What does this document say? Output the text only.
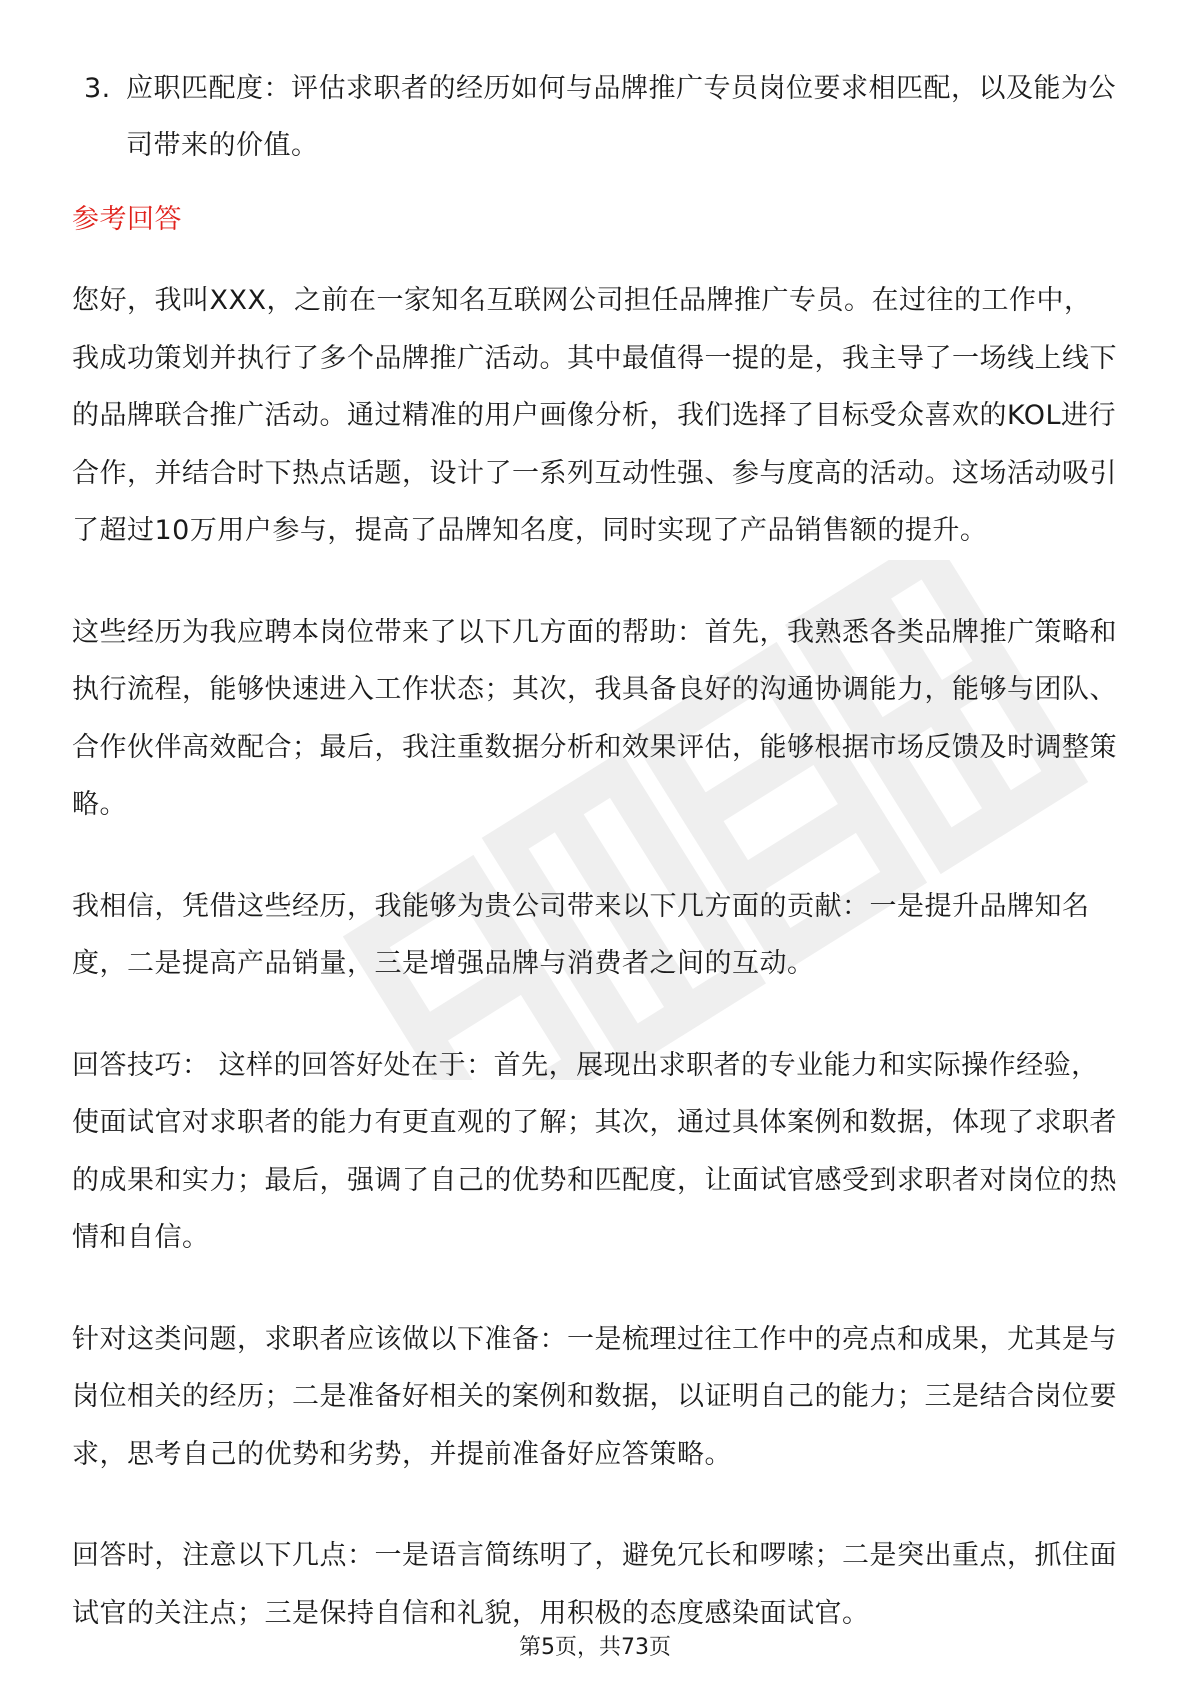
3. 应职匹配度：评估求职者的经历如何与品牌推广专员岗位要求相匹配，以及能为公司带来的价值。
参考回答

您好，我叫XXX，之前在一家知名互联网公司担任品牌推广专员。在过往的工作中，我成功策划并执行了多个品牌推广活动。其中最值得一提的是，我主导了一场线上线下的品牌联合推广活动。通过精准的用户画像分析，我们选择了目标受众喜欢的KOL进行合作，并结合时下热点话题，设计了一系列互动性强、参与度高的活动。这场活动吸引了超过10万用户参与，提高了品牌知名度，同时实现了产品销售额的提升。

这些经历为我应聘本岗位带来了以下几方面的帮助：首先，我熟悉各类品牌推广策略和执行流程，能够快速进入工作状态；其次，我具备良好的沟通协调能力，能够与团队、合作伙伴高效配合；最后，我注重数据分析和效果评估，能够根据市场反馈及时调整策略。

我相信，凭借这些经历，我能够为贵公司带来以下几方面的贡献：一是提升品牌知名度，二是提高产品销量，三是增强品牌与消费者之间的互动。

回答技巧： 这样的回答好处在于：首先，展现出求职者的专业能力和实际操作经验，使面试官对求职者的能力有更直观的了解；其次，通过具体案例和数据，体现了求职者的成果和实力；最后，强调了自己的优势和匹配度，让面试官感受到求职者对岗位的热情和自信。

针对这类问题，求职者应该做以下准备：一是梳理过往工作中的亮点和成果，尤其是与岗位相关的经历；二是准备好相关的案例和数据，以证明自己的能力；三是结合岗位要求，思考自己的优势和劣势，并提前准备好应答策略。

回答时，注意以下几点：一是语言简练明了，避免冗长和啰嗦；二是突出重点，抓住面试官的关注点；三是保持自信和礼貌，用积极的态度感染面试官。

第5页，共73页
